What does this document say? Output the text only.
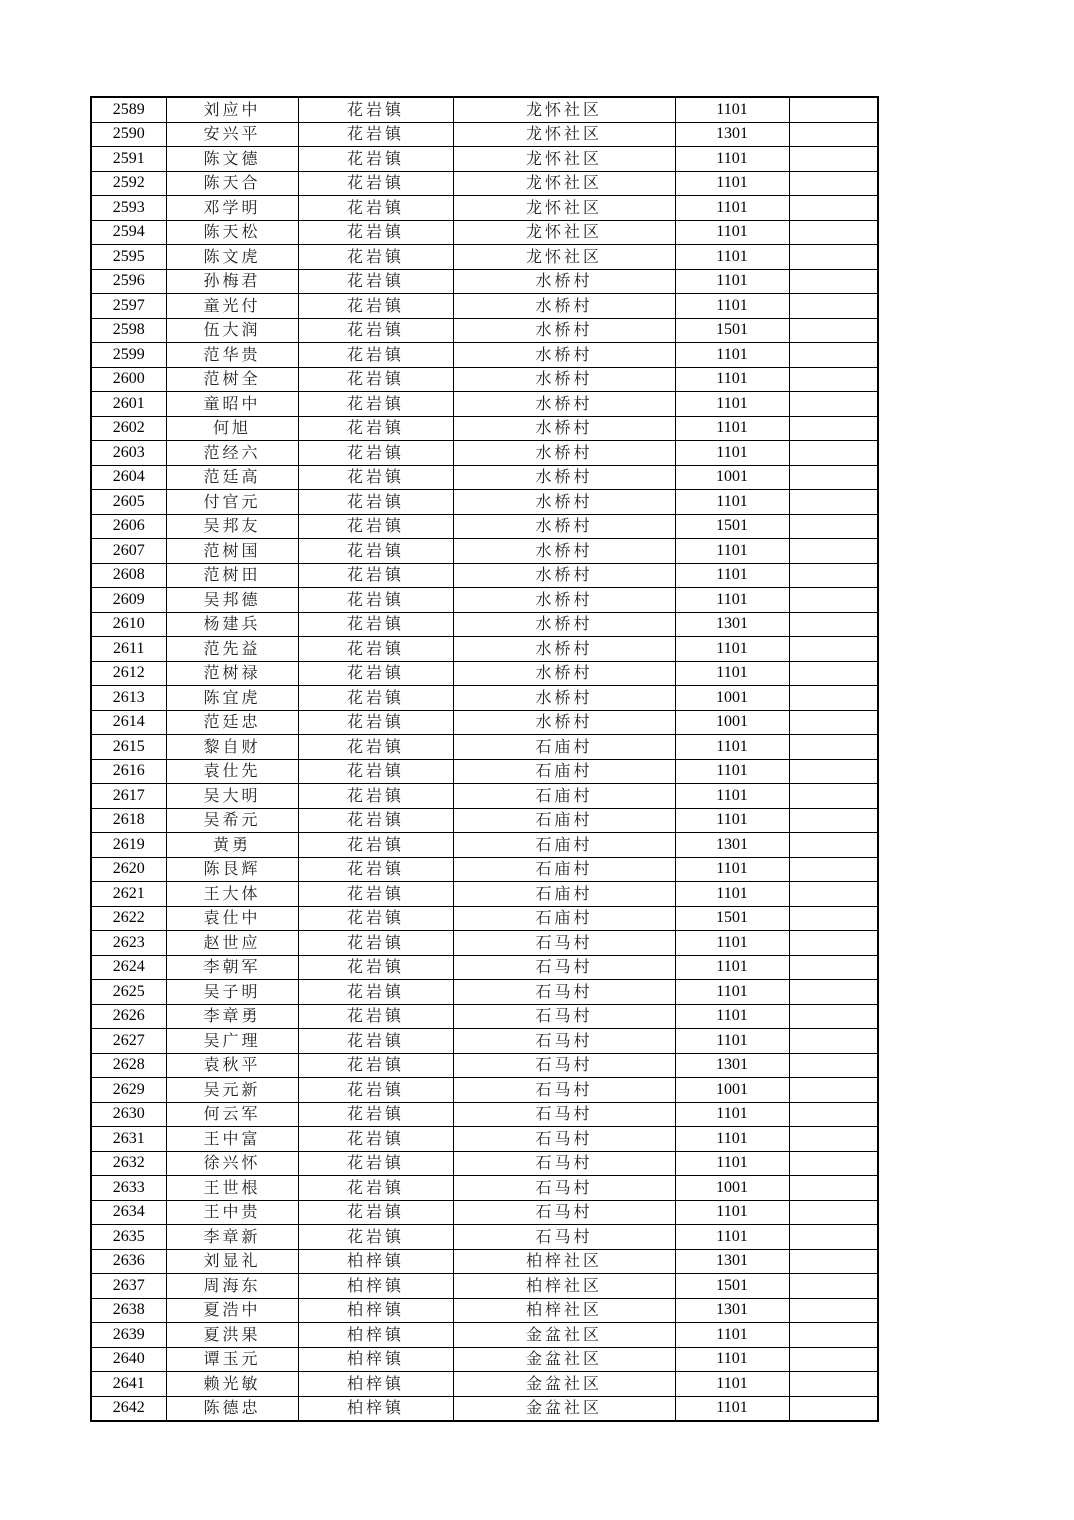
2589	刘应中	花岩镇	龙怀社区	1101	
2590	安兴平	花岩镇	龙怀社区	1301	
2591	陈文德	花岩镇	龙怀社区	1101	
2592	陈天合	花岩镇	龙怀社区	1101	
2593	邓学明	花岩镇	龙怀社区	1101	
2594	陈天松	花岩镇	龙怀社区	1101	
2595	陈文虎	花岩镇	龙怀社区	1101	
2596	孙梅君	花岩镇	水桥村	1101	
2597	童光付	花岩镇	水桥村	1101	
2598	伍大润	花岩镇	水桥村	1501	
2599	范华贵	花岩镇	水桥村	1101	
2600	范树全	花岩镇	水桥村	1101	
2601	童昭中	花岩镇	水桥村	1101	
2602	何旭	花岩镇	水桥村	1101	
2603	范经六	花岩镇	水桥村	1101	
2604	范廷高	花岩镇	水桥村	1001	
2605	付官元	花岩镇	水桥村	1101	
2606	吴邦友	花岩镇	水桥村	1501	
2607	范树国	花岩镇	水桥村	1101	
2608	范树田	花岩镇	水桥村	1101	
2609	吴邦德	花岩镇	水桥村	1101	
2610	杨建兵	花岩镇	水桥村	1301	
2611	范先益	花岩镇	水桥村	1101	
2612	范树禄	花岩镇	水桥村	1101	
2613	陈宜虎	花岩镇	水桥村	1001	
2614	范廷忠	花岩镇	水桥村	1001	
2615	黎自财	花岩镇	石庙村	1101	
2616	袁仕先	花岩镇	石庙村	1101	
2617	吴大明	花岩镇	石庙村	1101	
2618	吴希元	花岩镇	石庙村	1101	
2619	黄勇	花岩镇	石庙村	1301	
2620	陈艮辉	花岩镇	石庙村	1101	
2621	王大体	花岩镇	石庙村	1101	
2622	袁仕中	花岩镇	石庙村	1501	
2623	赵世应	花岩镇	石马村	1101	
2624	李朝军	花岩镇	石马村	1101	
2625	吴子明	花岩镇	石马村	1101	
2626	李章勇	花岩镇	石马村	1101	
2627	吴广理	花岩镇	石马村	1101	
2628	袁秋平	花岩镇	石马村	1301	
2629	吴元新	花岩镇	石马村	1001	
2630	何云军	花岩镇	石马村	1101	
2631	王中富	花岩镇	石马村	1101	
2632	徐兴怀	花岩镇	石马村	1101	
2633	王世根	花岩镇	石马村	1001	
2634	王中贵	花岩镇	石马村	1101	
2635	李章新	花岩镇	石马村	1101	
2636	刘显礼	柏梓镇	柏梓社区	1301	
2637	周海东	柏梓镇	柏梓社区	1501	
2638	夏浩中	柏梓镇	柏梓社区	1301	
2639	夏洪果	柏梓镇	金盆社区	1101	
2640	谭玉元	柏梓镇	金盆社区	1101	
2641	赖光敏	柏梓镇	金盆社区	1101	
2642	陈德忠	柏梓镇	金盆社区	1101	
